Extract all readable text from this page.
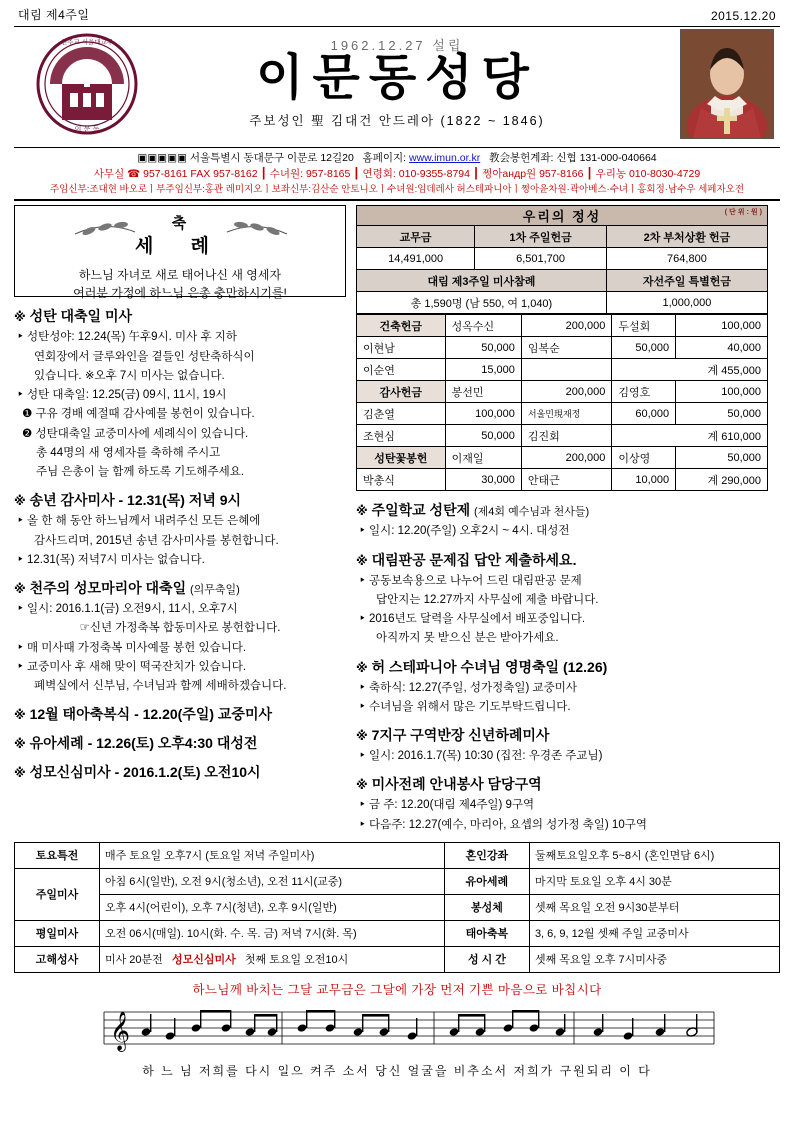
대림 제4주일	2015.12.20
이 문 동
천주교 서울대교구	1962.12.27 설립
이문동성당
주보성인 聖 김대건 안드레아 (1822 ~ 1846)
▣▣▣▣▣ 서울특별시 동대문구 이문로 12길20 홈페이지: www.imun.or.kr 教会봉헌계좌: 신협 131-000-040664
사무실 ☎ 957-8161 FAX 957-8162 ┃ 수녀원: 957-8165 ┃ 연령회: 010-9355-8794 ┃ 쩡아андр원 957-8166 ┃ 우리농 010-8030-4729
주임신부:조대현 바오로ㅣ부주임신부:홍관 레미지오ㅣ보좌신부:김산순 안토니오ㅣ수녀원:임데레사 허스테파니아ㅣ쩡아윤차원·곽아베스·수녀ㅣ홍회정·남수우 세페자오전
축
세 례
하느님 자녀로 새로 태어나신 새 영세자
여러분 가정에 하느님 은총 충만하시기를!
※ 성탄 대축일 미사
‣ 성탄성야: 12.24(목) 午후9시. 미사 후 지하
연회장에서 글루와인을 곁들인 성탄축하식이
있습니다. ※오후 7시 미사는 없습니다.
‣ 성탄 대축일: 12.25(금) 09시, 11시, 19시
❶ 구유 경배 예절때 감사예물 봉헌이 있습니다.
❷ 성탄대축일 교중미사에 세례식이 있습니다.
총 44명의 새 영세자를 축하해 주시고
주님 은총이 늘 함께 하도록 기도해주세요.
※ 송년 감사미사 - 12.31(목) 저녁 9시
‣ 올 한 해 동안 하느님께서 내려주신 모든 은혜에
감사드리며, 2015년 송년 감사미사를 봉헌합니다.
‣ 12.31(목) 저녁7시 미사는 없습니다.
※ 천주의 성모마리아 대축일 (의무축일)
‣ 일시: 2016.1.1(금) 오전9시, 11시, 오후7시
☞ 신년 가정축복 합동미사로 봉헌합니다.
‣ 매 미사때 가정축복 미사예물 봉헌 있습니다.
‣ 교중미사 후 새해 맞이 떡국잔치가 있습니다.
폐벽실에서 신부님, 수녀님과 함께 세배하겠습니다.
※ 12월 태아축복식 - 12.20(주일) 교중미사
※ 유아세례 - 12.26(토) 오후4:30 대성전
※ 성모신심미사 - 2016.1.2(토) 오전10시
우리의 정성	(단위:원)
교무금	1차 주일헌금	2차 부처상환 헌금
14,491,000	6,501,700	764,800
대림 제3주일 미사참례		자선주일 특별헌금
총 1,590명 (남 550, 여 1,040)		1,000,000
건축헌금	성옥수신	200,000	두설회	100,000
이현남	50,000	임복순	50,000	40,000
이순연	15,000		계 455,000	
감사헌금	봉선민	200,000	김영호	100,000
김춘열	100,000	서울민現재정	60,000	50,000
조현심	50,000	김진회	계 610,000	
성탄꽃봉헌	이재일	200,000	이상영	50,000
박총식	30,000	안태근	10,000	계 290,000
※ 주일학교 성탄제 (제4회 예수님과 천사들)
‣ 일시: 12.20(주일) 오후2시 ~ 4시. 대성전
※ 대림판공 문제집 답안 제출하세요.
‣ 공동보속용으로 나누어 드린 대림판공 문제
답안지는 12.27까지 사무실에 제출 바랍니다.
‣ 2016년도 달력을 사무실에서 배포중입니다.
아직까지 못 받으신 분은 받아가세요.
※ 허 스테파니아 수녀님 영명축일 (12.26)
‣ 축하식: 12.27(주일, 성가정축일) 교중미사
‣ 수녀님을 위해서 많은 기도부탁드립니다.
※ 7지구 구역반장 신년하례미사
‣ 일시: 2016.1.7(목) 10:30 (집전: 우경존 주교님)
※ 미사전례 안내봉사 담당구역
‣ 금 주: 12.20(대림 제4주일) 9구역
‣ 다음주: 12.27(예수, 마리아, 요셉의 성가정 축일) 10구역
토요특전	매주 토요일 오후7시 (토요일 저녁 주일미사)	혼인강좌	둘째토요일오후 5~8시 (혼인면담 6시)
주일미사	아침 6시(일반), 오전 9시(청소년), 오전 11시(교중)	유아세례	마지막 토요일 오후 4시 30분
	오후 4시(어린이), 오후 7시(청년), 오후 9시(일반)	봉성체	셋째 목요일 오전 9시30분부터
평일미사	오전 06시(매일). 10시(화. 수. 목. 금) 저녁 7시(화. 목)	태아축복	3, 6, 9, 12월 셋째 주일 교중미사
고해성사	미사 20분전   성모신심미사   첫째 토요일 오전10시	성 시 간	셋째 목요일 오후 7시미사중
하느님께 바치는 그달 교무금은 그달에 가장 먼저 기쁜 마음으로 바칩시다
𝄞
하 느 님 저희를 다시 일으 켜주 소서 당신 얼굴을 비추소서 저희가 구원되리 이 다
